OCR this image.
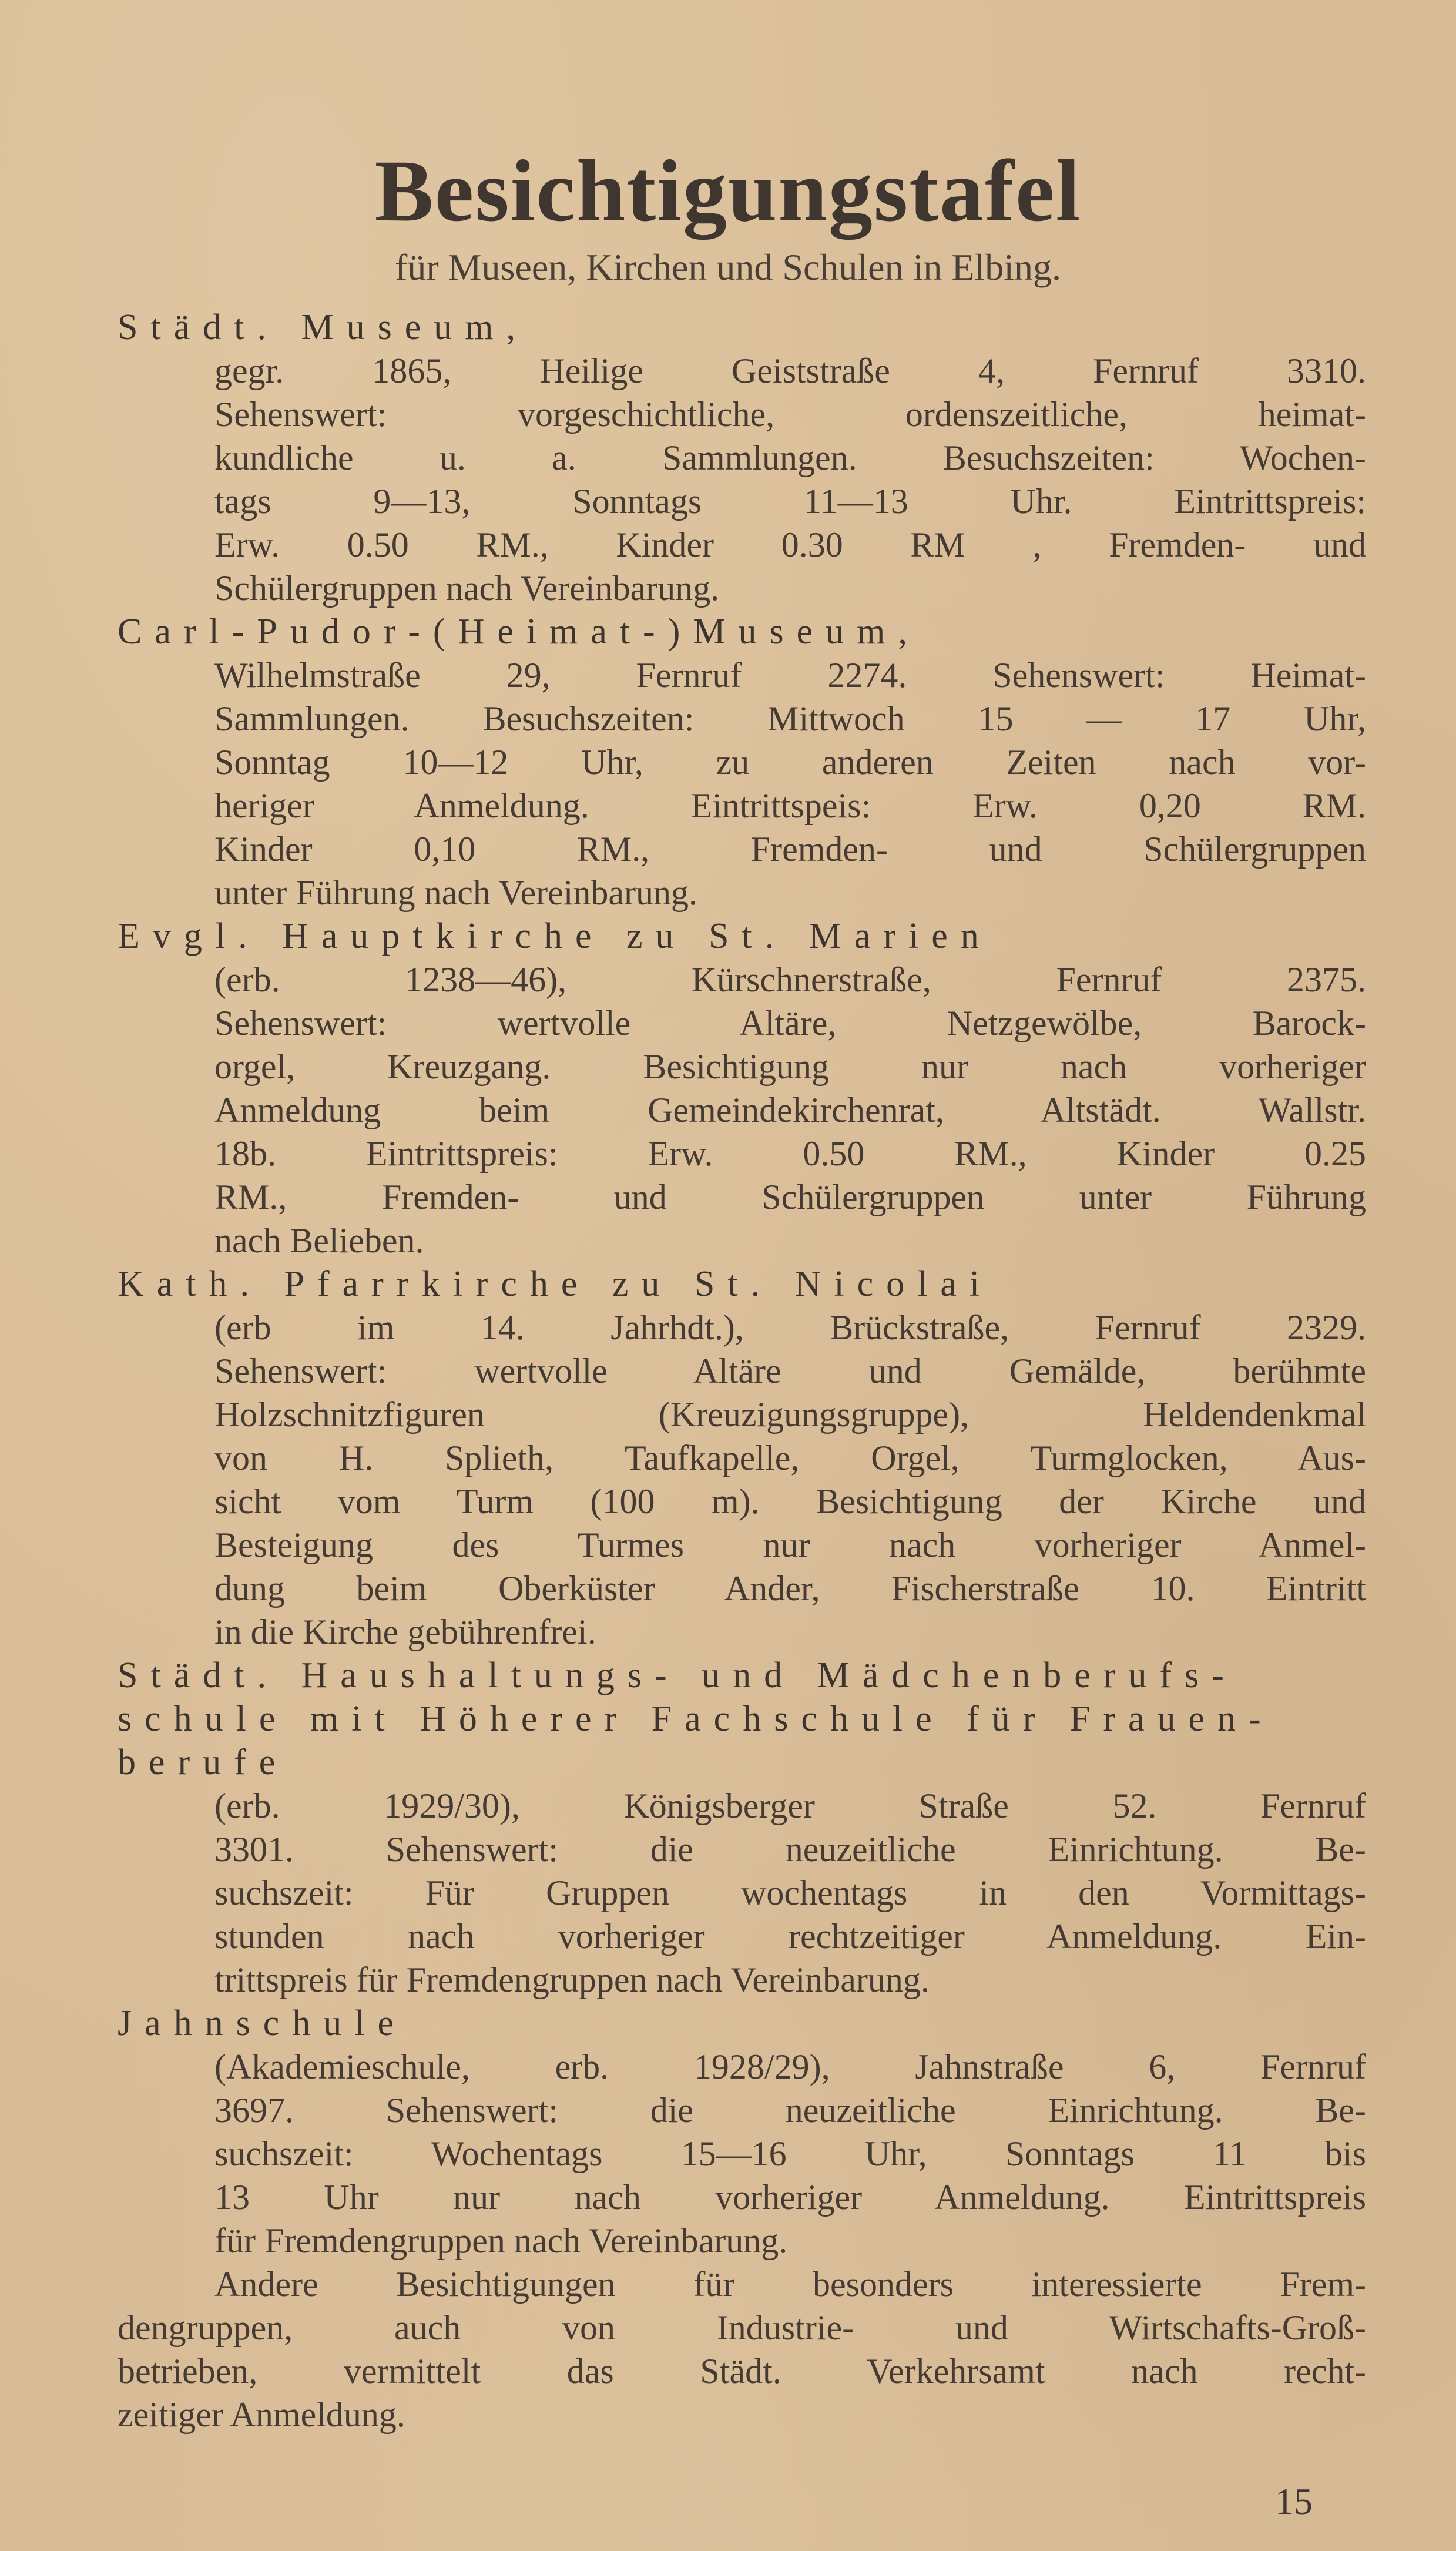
Besichtigungstafel
für Museen, Kirchen und Schulen in Elbing.
Städt. Museum,
gegr. 1865, Heilige Geiststraße 4, Fernruf 3310.
Sehenswert: vorgeschichtliche, ordenszeitliche, heimat-
kundliche u. a. Sammlungen. Besuchszeiten: Wochen-
tags 9—13, Sonntags 11—13 Uhr. Eintrittspreis:
Erw. 0.50 RM., Kinder 0.30 RM , Fremden- und
Schülergruppen nach Vereinbarung.
Carl-Pudor-(Heimat-)Museum,
Wilhelmstraße 29, Fernruf 2274. Sehenswert: Heimat-
Sammlungen. Besuchszeiten: Mittwoch 15 — 17 Uhr,
Sonntag 10—12 Uhr, zu anderen Zeiten nach vor-
heriger Anmeldung. Eintrittspeis: Erw. 0,20 RM.
Kinder 0,10 RM., Fremden- und Schülergruppen
unter Führung nach Vereinbarung.
Evgl. Hauptkirche zu St. Marien
(erb. 1238—46), Kürschnerstraße, Fernruf 2375.
Sehenswert: wertvolle Altäre, Netzgewölbe, Barock-
orgel, Kreuzgang. Besichtigung nur nach vorheriger
Anmeldung beim Gemeindekirchenrat, Altstädt. Wallstr.
18b. Eintrittspreis: Erw. 0.50 RM., Kinder 0.25
RM., Fremden- und Schülergruppen unter Führung
nach Belieben.
Kath. Pfarrkirche zu St. Nicolai
(erb im 14. Jahrhdt.), Brückstraße, Fernruf 2329.
Sehenswert: wertvolle Altäre und Gemälde, berühmte
Holzschnitzfiguren (Kreuzigungsgruppe), Heldendenkmal
von H. Splieth, Taufkapelle, Orgel, Turmglocken, Aus-
sicht vom Turm (100 m). Besichtigung der Kirche und
Besteigung des Turmes nur nach vorheriger Anmel-
dung beim Oberküster Ander, Fischerstraße 10. Eintritt
in die Kirche gebührenfrei.
Städt. Haushaltungs- und Mädchenberufs-
schule mit Höherer Fachschule für Frauen-
berufe
(erb. 1929/30), Königsberger Straße 52. Fernruf
3301. Sehenswert: die neuzeitliche Einrichtung. Be-
suchszeit: Für Gruppen wochentags in den Vormittags-
stunden nach vorheriger rechtzeitiger Anmeldung. Ein-
trittspreis für Fremdengruppen nach Vereinbarung.
Jahnschule
(Akademieschule, erb. 1928/29), Jahnstraße 6, Fernruf
3697. Sehenswert: die neuzeitliche Einrichtung. Be-
suchszeit: Wochentags 15—16 Uhr, Sonntags 11 bis
13 Uhr nur nach vorheriger Anmeldung. Eintrittspreis
für Fremdengruppen nach Vereinbarung.
Andere Besichtigungen für besonders interessierte Frem-
dengruppen, auch von Industrie- und Wirtschafts-Groß-
betrieben, vermittelt das Städt. Verkehrsamt nach recht-
zeitiger Anmeldung.
15
